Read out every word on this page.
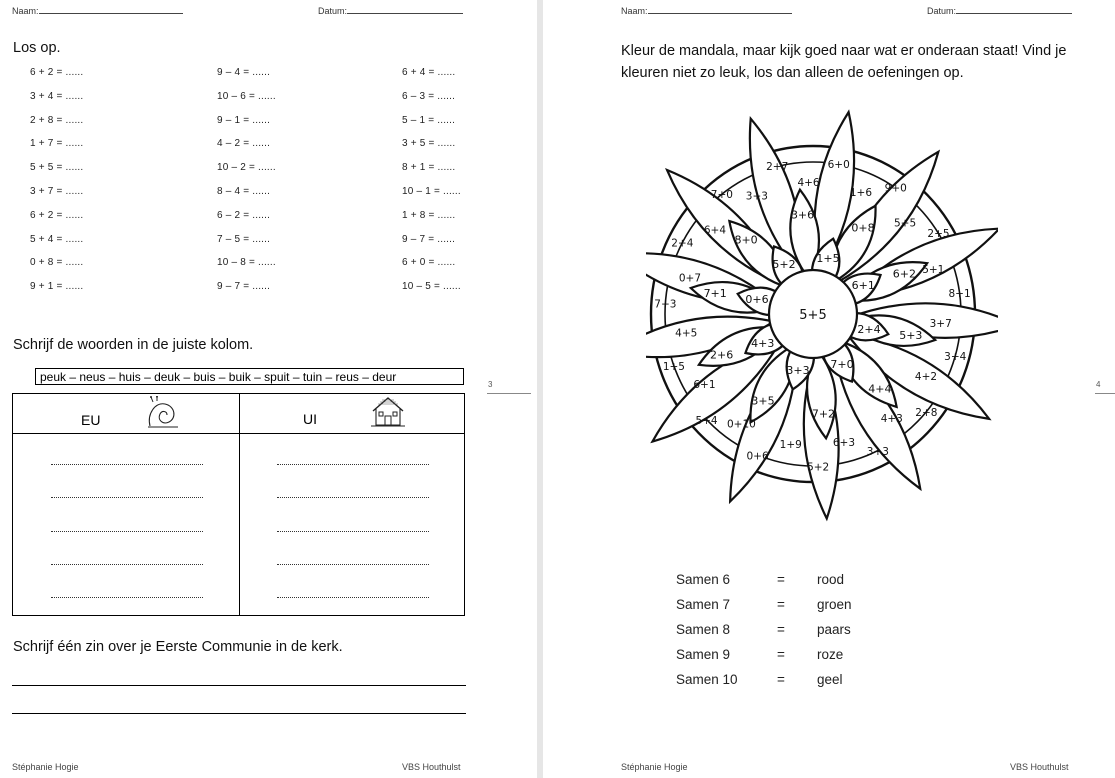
Naam:	Datum:
Los op.
6 + 2 = ......	9 – 4 = ......	6 + 4 = ......
3 + 4 = ......	10 – 6 = ......	6 – 3 = ......
2 + 8 = ......	9 – 1 = ......	5 – 1 = ......
1 + 7 = ......	4 – 2 = ......	3 + 5 = ......
5 + 5 = ......	10 – 2 = ......	8 + 1 = ......
3 + 7 = ......	8 – 4 = ......	10 – 1 = ......
6 + 2 = ......	6 – 2 = ......	1 + 8 = ......
5 + 4 = ......	7 – 5 = ......	9 – 7 = ......
0 + 8 = ......	10 – 8 = ......	6 + 0 = ......
9 + 1 = ......	9 – 7 = ......	10 – 5 = ......
Schrijf de woorden in de juiste kolom.
peuk – neus – huis – deuk – buis – buik – spuit – tuin – reus – deur
EU	UI
Schrijf één zin over je Eerste Communie in de kerk.
3
Stéphanie Hogie	VBS Houthulst
Naam:	Datum:
Kleur de mandala, maar kijk goed naar wat er onderaan staat! Vind je kleuren niet zo leuk, los dan alleen de oefeningen op.
5+5
1+5
6+1
2+4
7+0
3+3
4+3
0+6
5+2
0+8
6+2
5+3
4+4
7+2
3+5
2+6
7+1
8+0
3+6
6+0
1+6 9+0
5+5
2+5
5+1
8+1
3+7
3+4
4+2
2+8
4+3
3+3
6+3
5+2
1+9
0+6
0+10
5+4
6+1
1+5
4+5
7+3
0+7
2+4
6+4
7+0 3+3
2+7
4+6
Samen 6	= rood
Samen 7	= groen
Samen 8	= paars
Samen 9	= roze
Samen 10	= geel
4
Stéphanie Hogie	VBS Houthulst
